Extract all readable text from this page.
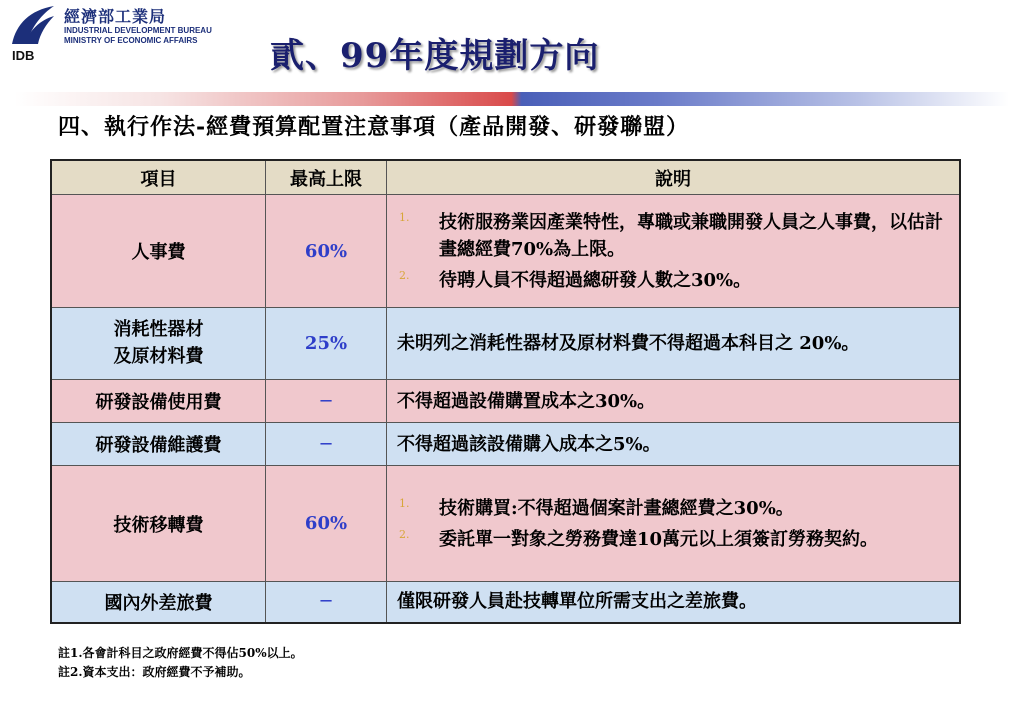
經濟部工業局
INDUSTRIAL DEVELOPMENT BUREAU
MINISTRY OF ECONOMIC AFFAIRS
IDB	貳、99年度規劃方向
四、執行作法-經費預算配置注意事項（產品開發、研發聯盟）
項目	最高上限	說明
人事費	60%	1. 技術服務業因產業特性，專職或兼職開發人員之人事費，以估計畫總經費70%為上限。
2. 待聘人員不得超過總研發人數之30%。

消耗性器材
及原材料費	25%	未明列之消耗性器材及原材料費不得超過本科目之 20%。
研發設備使用費	─	不得超過設備購置成本之30%。
研發設備維護費	─	不得超過該設備購入成本之5%。
技術移轉費	60%	1. 技術購買:不得超過個案計畫總經費之30%。
2. 委託單一對象之勞務費達10萬元以上須簽訂勞務契約。

國內外差旅費	─	僅限研發人員赴技轉單位所需支出之差旅費。
註1.各會計科目之政府經費不得佔50%以上。
註2.資本支出：政府經費不予補助。
